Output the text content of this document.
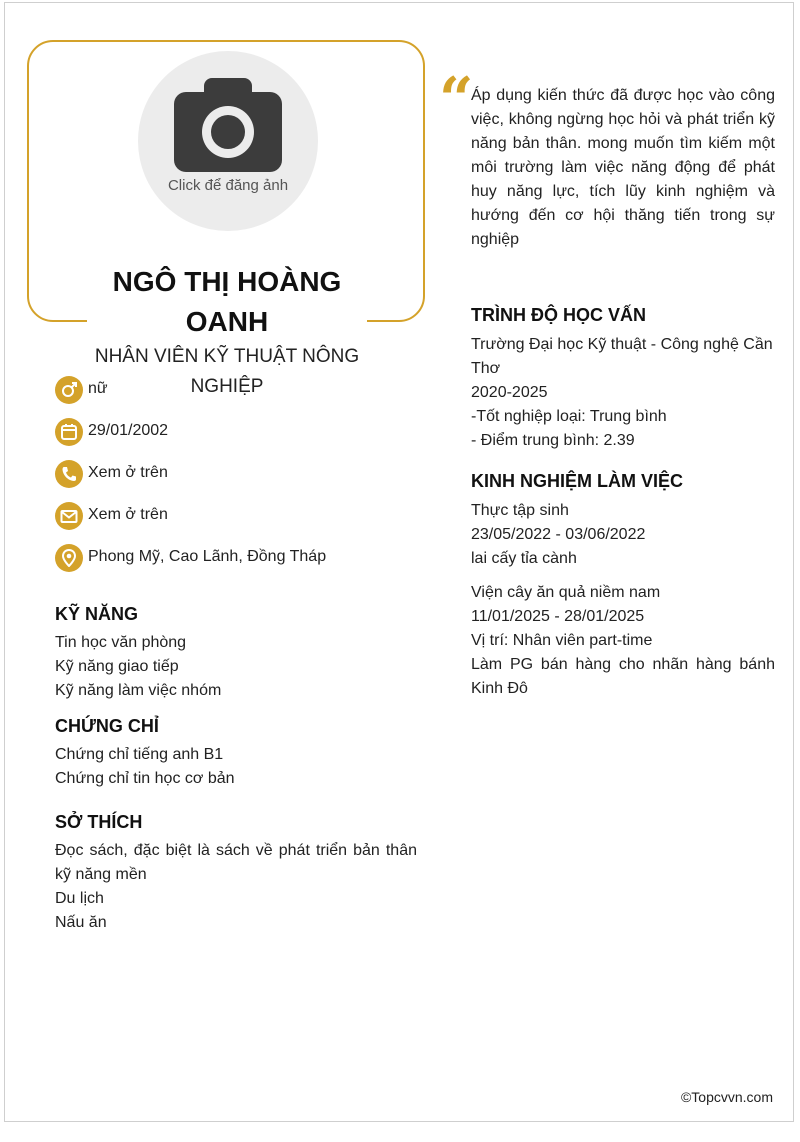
Click để đăng ảnh
NGÔ THỊ HOÀNG OANH
NHÂN VIÊN KỸ THUẬT NÔNG NGHIỆP
nữ
29/01/2002
Xem ở trên
Xem ở trên
Phong Mỹ, Cao Lãnh, Đồng Tháp
KỸ NĂNG
Tin học văn phòng
Kỹ năng giao tiếp
Kỹ năng làm việc nhóm
CHỨNG CHỈ
Chứng chỉ tiếng anh B1
Chứng chỉ tin học cơ bản
SỞ THÍCH
Đọc sách, đặc biệt là sách về phát triển bản thân kỹ năng mền
Du lịch
Nấu ăn
“
Áp dụng kiến thức đã được học vào công việc, không ngừng học hỏi và phát triển kỹ năng bản thân. mong muốn tìm kiếm một môi trường làm việc năng động để phát huy năng lực, tích lũy kinh nghiệm và hướng đến cơ hội thăng tiến trong sự nghiệp
TRÌNH ĐỘ HỌC VẤN
Trường Đại học Kỹ thuật - Công nghệ Cần Thơ
2020-2025
-Tốt nghiệp loại: Trung bình
- Điểm trung bình: 2.39
KINH NGHIỆM LÀM VIỆC
Thực tập sinh
23/05/2022 - 03/06/2022
lai cấy tỉa cành
Viện cây ăn quả niềm nam
11/01/2025 - 28/01/2025
Vị trí: Nhân viên part-time
Làm PG bán hàng cho nhãn hàng bánh Kinh Đô
©Topcvvn.com
